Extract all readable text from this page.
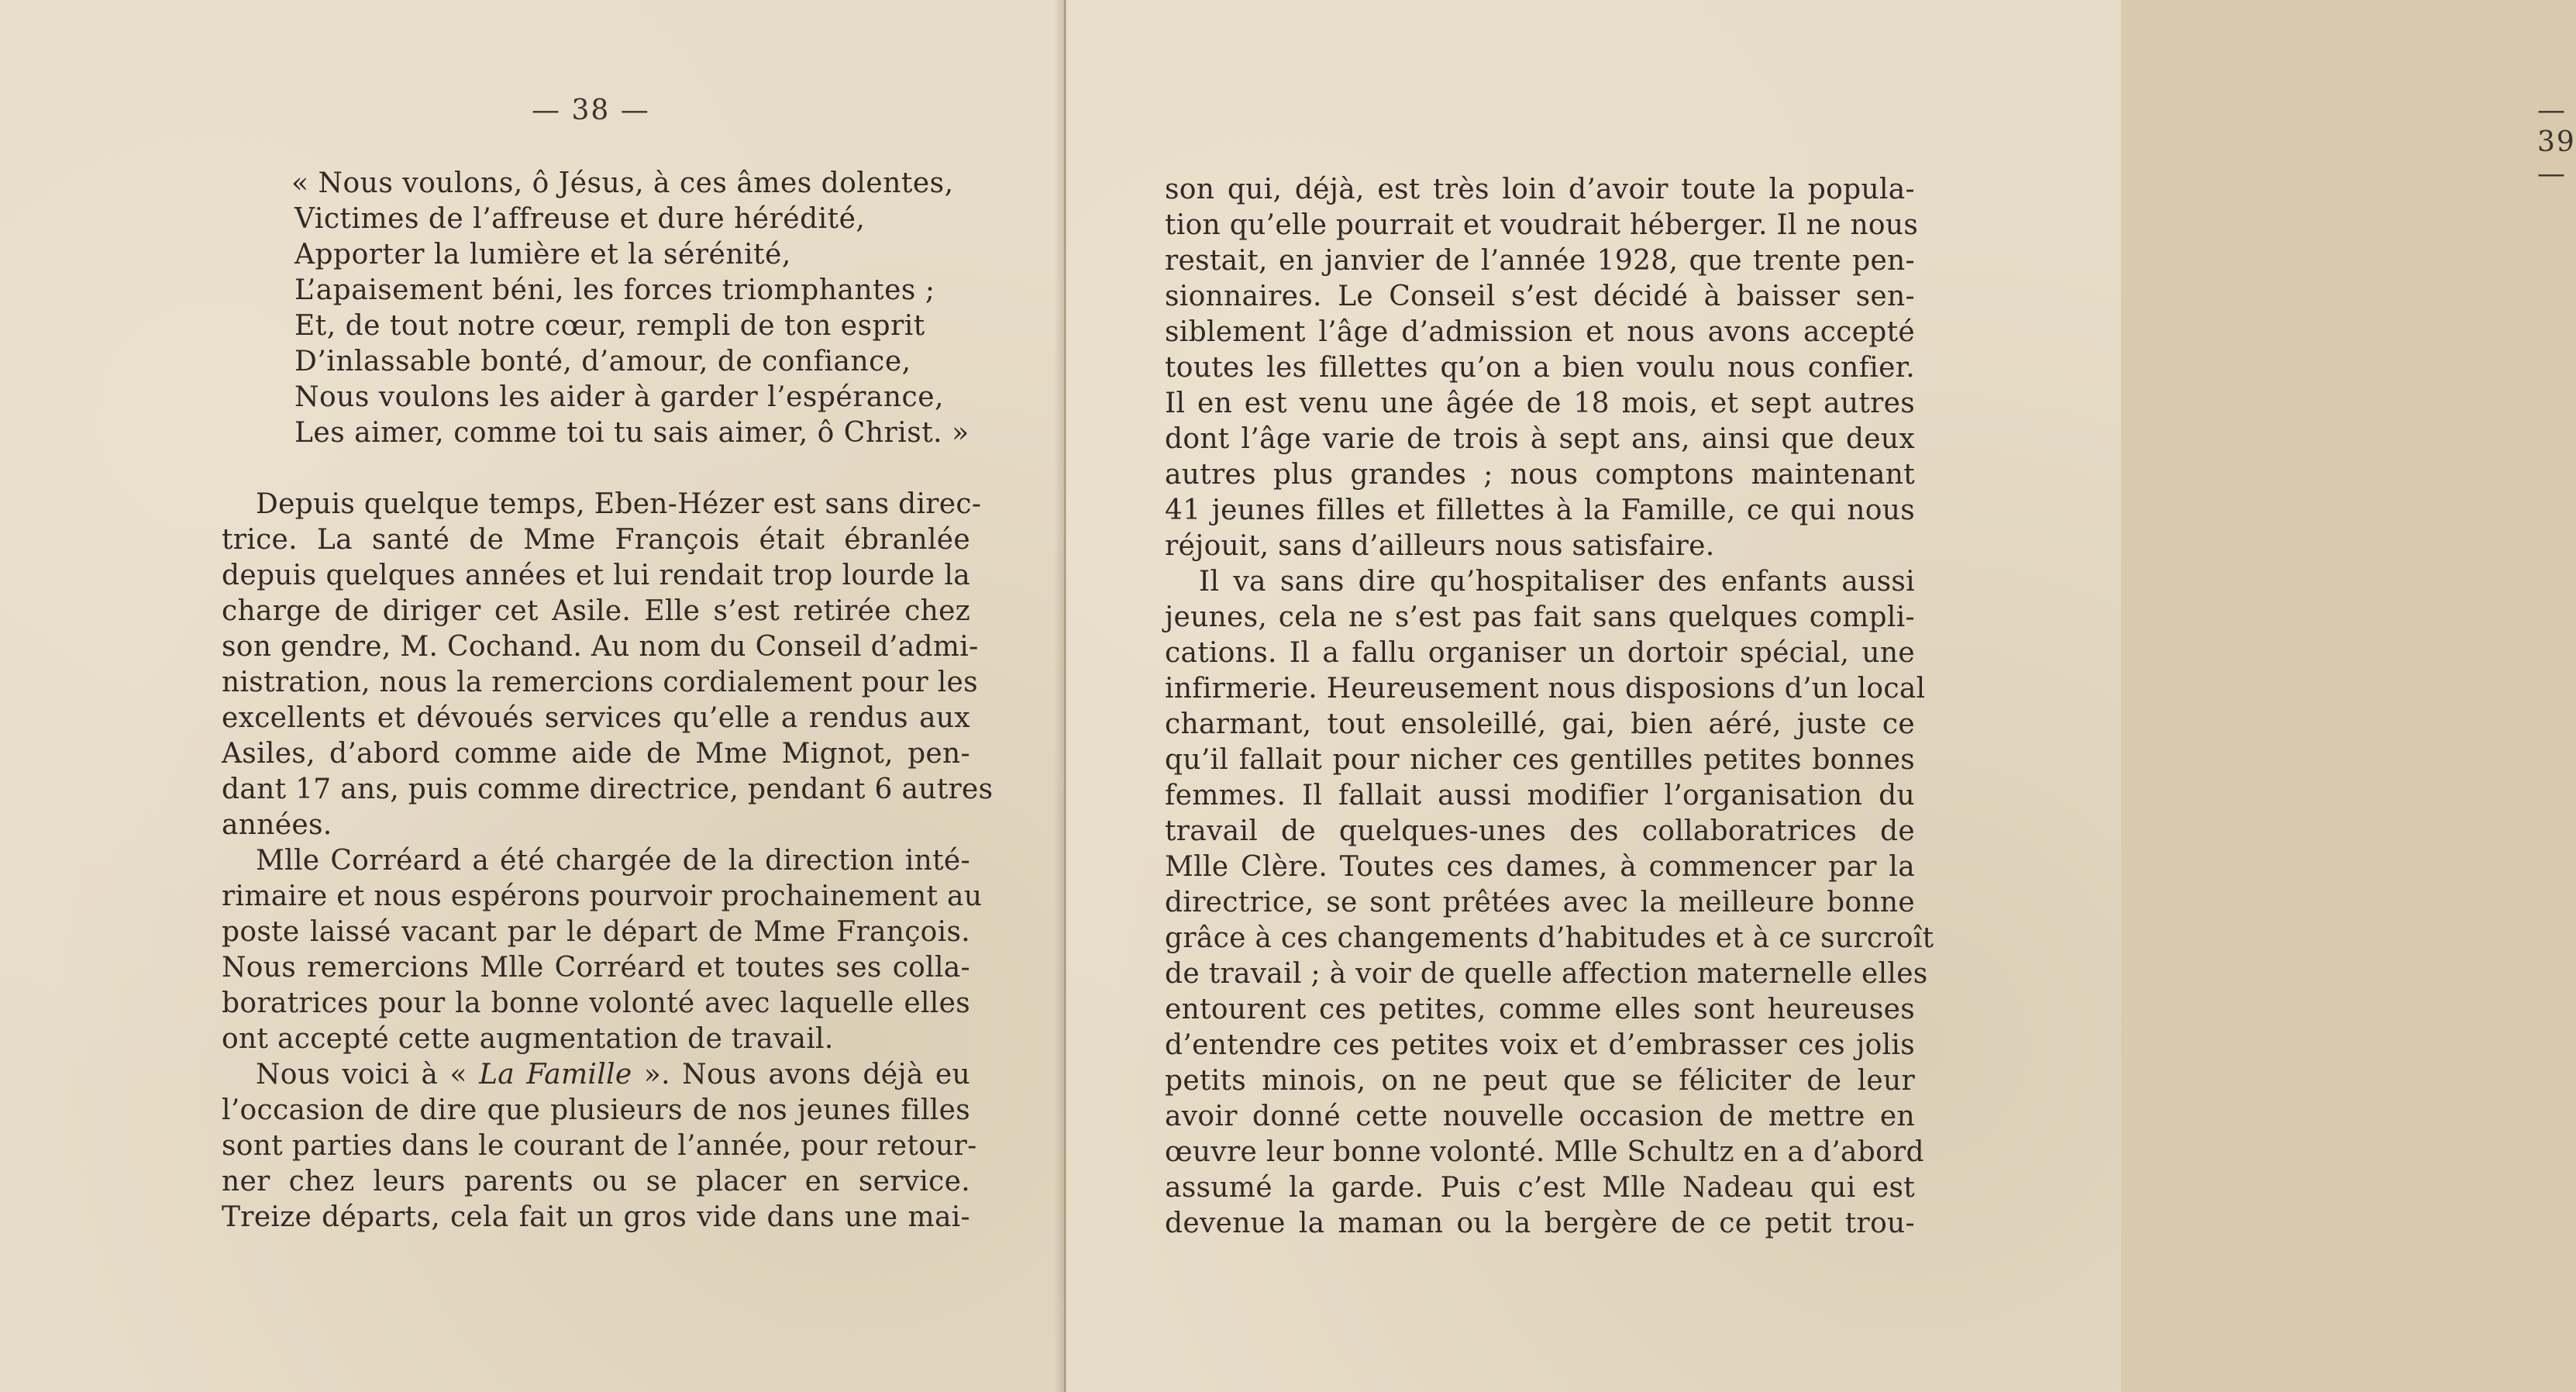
— 38 —
« Nous voulons, ô Jésus, à ces âmes dolentes,
Victimes de l’affreuse et dure hérédité,
Apporter la lumière et la sérénité,
L’apaisement béni, les forces triomphantes ;
Et, de tout notre cœur, rempli de ton esprit
D’inlassable bonté, d’amour, de confiance,
Nous voulons les aider à garder l’espérance,
Les aimer, comme toi tu sais aimer, ô Christ. »
Depuis quelque temps, Eben-Hézer est sans direc-
trice. La santé de Mme François était ébranlée
depuis quelques années et lui rendait trop lourde la
charge de diriger cet Asile. Elle s’est retirée chez
son gendre, M. Cochand. Au nom du Conseil d’admi-
nistration, nous la remercions cordialement pour les
excellents et dévoués services qu’elle a rendus aux
Asiles, d’abord comme aide de Mme Mignot, pen-
dant 17 ans, puis comme directrice, pendant 6 autres
années.
Mlle Corréard a été chargée de la direction inté-
rimaire et nous espérons pourvoir prochainement au
poste laissé vacant par le départ de Mme François.
Nous remercions Mlle Corréard et toutes ses colla-
boratrices pour la bonne volonté avec laquelle elles
ont accepté cette augmentation de travail.
Nous voici à « La Famille ». Nous avons déjà eu
l’occasion de dire que plusieurs de nos jeunes filles
sont parties dans le courant de l’année, pour retour-
ner chez leurs parents ou se placer en service.
Treize départs, cela fait un gros vide dans une mai-
— 39 —
son qui, déjà, est très loin d’avoir toute la popula-
tion qu’elle pourrait et voudrait héberger. Il ne nous
restait, en janvier de l’année 1928, que trente pen-
sionnaires. Le Conseil s’est décidé à baisser sen-
siblement l’âge d’admission et nous avons accepté
toutes les fillettes qu’on a bien voulu nous confier.
Il en est venu une âgée de 18 mois, et sept autres
dont l’âge varie de trois à sept ans, ainsi que deux
autres plus grandes ; nous comptons maintenant
41 jeunes filles et fillettes à la Famille, ce qui nous
réjouit, sans d’ailleurs nous satisfaire.
Il va sans dire qu’hospitaliser des enfants aussi
jeunes, cela ne s’est pas fait sans quelques compli-
cations. Il a fallu organiser un dortoir spécial, une
infirmerie. Heureusement nous disposions d’un local
charmant, tout ensoleillé, gai, bien aéré, juste ce
qu’il fallait pour nicher ces gentilles petites bonnes
femmes. Il fallait aussi modifier l’organisation du
travail de quelques-unes des collaboratrices de
Mlle Clère. Toutes ces dames, à commencer par la
directrice, se sont prêtées avec la meilleure bonne
grâce à ces changements d’habitudes et à ce surcroît
de travail ; à voir de quelle affection maternelle elles
entourent ces petites, comme elles sont heureuses
d’entendre ces petites voix et d’embrasser ces jolis
petits minois, on ne peut que se féliciter de leur
avoir donné cette nouvelle occasion de mettre en
œuvre leur bonne volonté. Mlle Schultz en a d’abord
assumé la garde. Puis c’est Mlle Nadeau qui est
devenue la maman ou la bergère de ce petit trou-
